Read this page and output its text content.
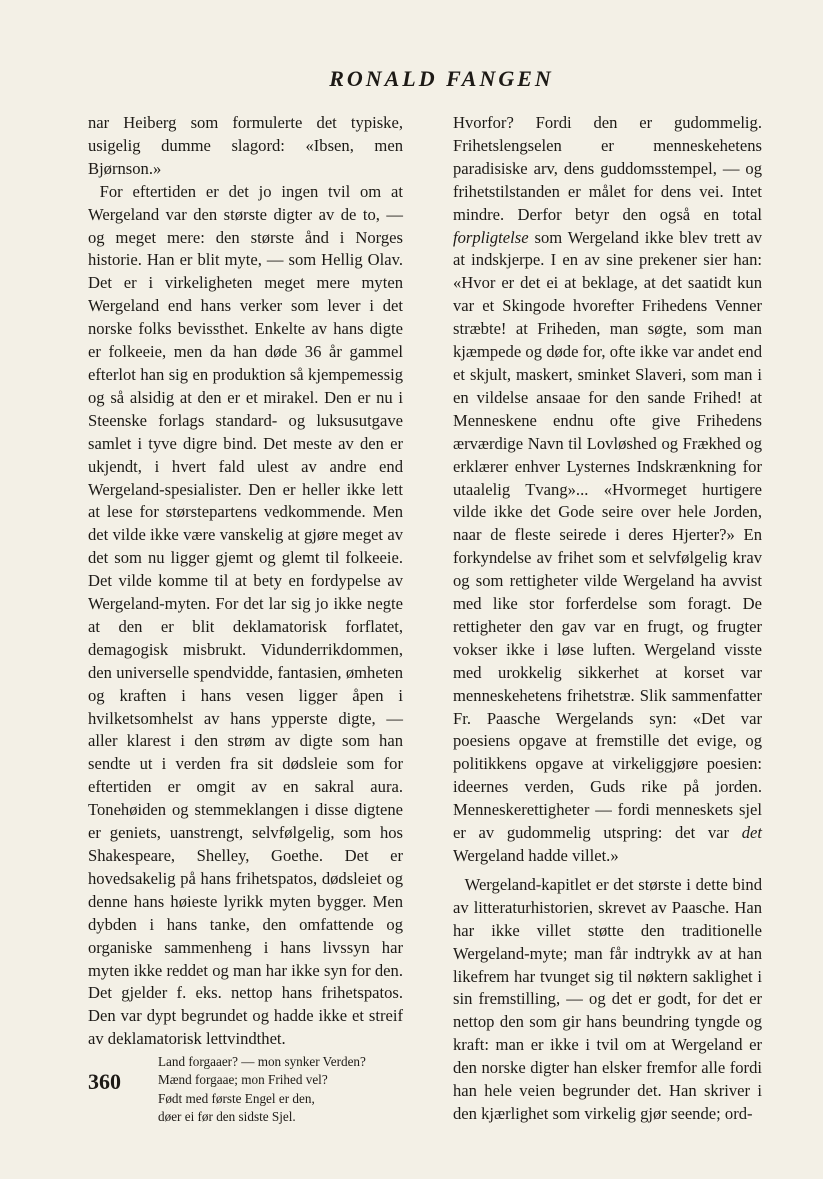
RONALD FANGEN

nar Heiberg som formulerte det typiske, usigelig dumme slagord: «Ibsen, men Bjørnson.»

For eftertiden er det jo ingen tvil om at Wergeland var den største digter av de to, — og meget mere: den største ånd i Norges historie. Han er blit myte, — som Hellig Olav. Det er i virkeligheten meget mere myten Wergeland end hans verker som lever i det norske folks bevissthet. Enkelte av hans digte er folkeeie, men da han døde 36 år gammel efterlot han sig en produktion så kjempemessig og så alsidig at den er et mirakel. Den er nu i Steenske forlags standard- og luksusutgave samlet i tyve digre bind. Det meste av den er ukjendt, i hvert fald ulest av andre end Wergeland-spesialister. Den er heller ikke lett at lese for størstepartens vedkommende. Men det vilde ikke være vanskelig at gjøre meget av det som nu ligger gjemt og glemt til folkeeie. Det vilde komme til at bety en fordypelse av Wergeland-myten. For det lar sig jo ikke negte at den er blit deklamatorisk forflatet, demagogisk misbrukt. Vidunderrikdommen, den universelle spendvidde, fantasien, ømheten og kraften i hans vesen ligger åpen i hvilketsomhelst av hans ypperste digte, — aller klarest i den strøm av digte som han sendte ut i verden fra sit dødsleie som for eftertiden er omgit av en sakral aura. Tonehøiden og stemmeklangen i disse digtene er geniets, uanstrengt, selvfølgelig, som hos Shakespeare, Shelley, Goethe. Det er hovedsakelig på hans frihetspatos, dødsleiet og denne hans høieste lyrikk myten bygger. Men dybden i hans tanke, den omfattende og organiske sammenheng i hans livssyn har myten ikke reddet og man har ikke syn for den. Det gjelder f. eks. nettop hans frihetspatos. Den var dypt begrundet og hadde ikke et streif av deklamatorisk lettvindthet.

Land forgaaer? — mon synker Verden?
Mænd forgaae; mon Frihed vel?
Født med første Engel er den,
døer ei før den sidste Sjel.

Hvorfor? Fordi den er gudommelig. Frihetslengselen er menneskehetens paradisiske arv, dens guddomsstempel, — og frihetstilstanden er målet for dens vei. Intet mindre. Derfor betyr den også en total forpligtelse som Wergeland ikke blev trett av at indskjerpe. I en av sine prekener sier han: «Hvor er det ei at beklage, at det saatidt kun var et Skingode hvorefter Frihedens Venner stræbte! at Friheden, man søgte, som man kjæmpede og døde for, ofte ikke var andet end et skjult, maskert, sminket Slaveri, som man i en vildelse ansaae for den sande Frihed! at Menneskene endnu ofte give Frihedens ærværdige Navn til Lovløshed og Frækhed og erklærer enhver Lysternes Indskrænkning for utaalelig Tvang»... «Hvormeget hurtigere vilde ikke det Gode seire over hele Jorden, naar de fleste seirede i deres Hjerter?» En forkyndelse av frihet som et selvfølgelig krav og som rettigheter vilde Wergeland ha avvist med like stor forferdelse som foragt. De rettigheter den gav var en frugt, og frugter vokser ikke i løse luften. Wergeland visste med urokkelig sikkerhet at korset var menneskehetens frihetstræ. Slik sammenfatter Fr. Paasche Wergelands syn: «Det var poesiens opgave at fremstille det evige, og politikkens opgave at virkeliggjøre poesien: ideernes verden, Guds rike på jorden. Menneskerettigheter — fordi menneskets sjel er av gudommelig utspring: det var det Wergeland hadde villet.»

Wergeland-kapitlet er det største i dette bind av litteraturhistorien, skrevet av Paasche. Han har ikke villet støtte den traditionelle Wergeland-myte; man får indtrykk av at han likefrem har tvunget sig til nøktern saklighet i sin fremstilling, — og det er godt, for det er nettop den som gir hans beundring tyngde og kraft: man er ikke i tvil om at Wergeland er den norske digter han elsker fremfor alle fordi han hele veien begrunder det. Han skriver i den kjærlighet som virkelig gjør seende; ord-

360
